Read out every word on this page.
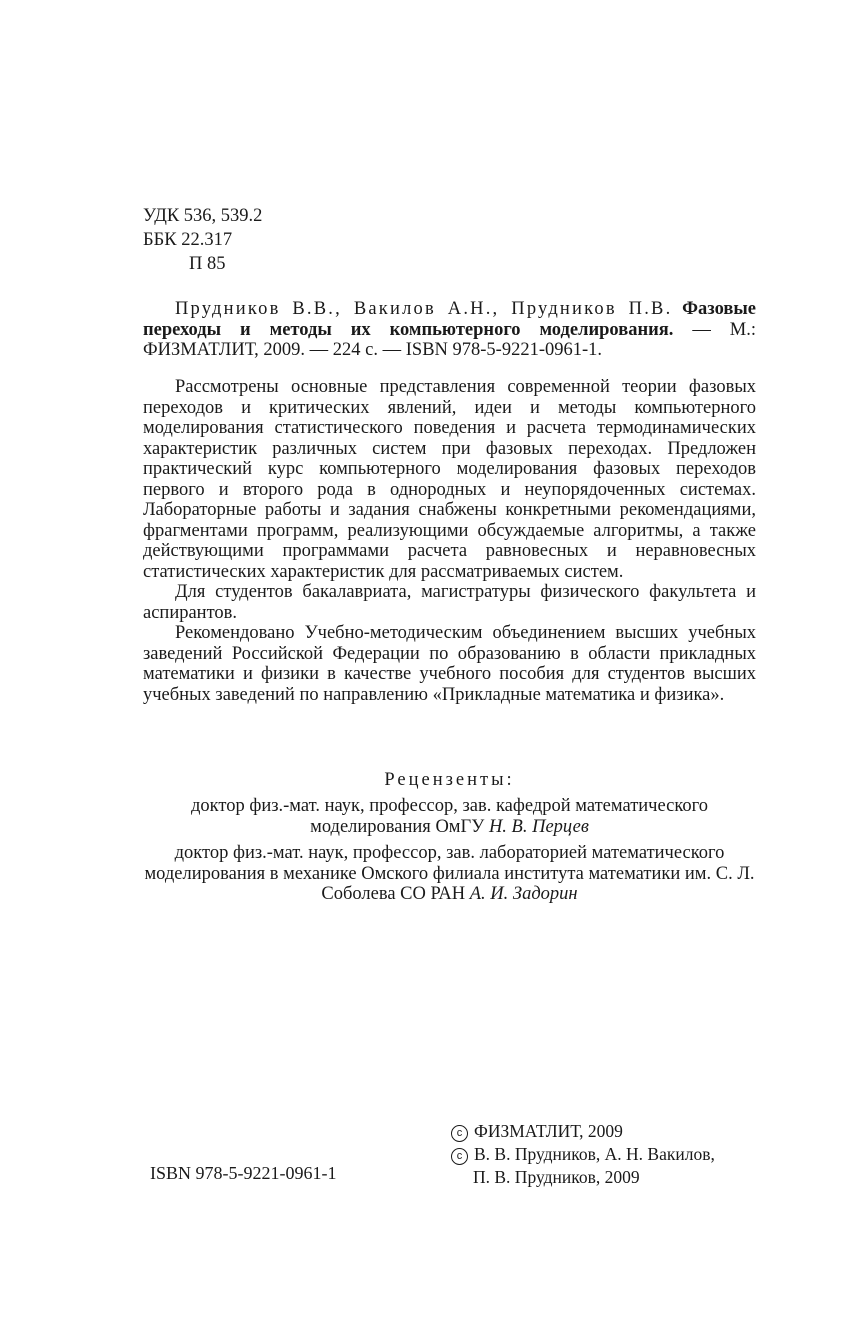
УДК 536, 539.2
ББК 22.317
П 85

Прудников В.В., Вакилов А.Н., Прудников П.В. Фазовые переходы и методы их компьютерного моделирования. — М.: ФИЗМАТЛИТ, 2009. — 224 с. — ISBN 978-5-9221-0961-1.

Рассмотрены основные представления современной теории фазовых переходов и критических явлений, идеи и методы компьютерного моделирования статистического поведения и расчета термодинамических характеристик различных систем при фазовых переходах. Предложен практический курс компьютерного моделирования фазовых переходов первого и второго рода в однородных и неупорядоченных системах. Лабораторные работы и задания снабжены конкретными рекомендациями, фрагментами программ, реализующими обсуждаемые алгоритмы, а также действующими программами расчета равновесных и неравновесных статистических характеристик для рассматриваемых систем.

Для студентов бакалавриата, магистратуры физического факультета и аспирантов.

Рекомендовано Учебно-методическим объединением высших учебных заведений Российской Федерации по образованию в области прикладных математики и физики в качестве учебного пособия для студентов высших учебных заведений по направлению «Прикладные математика и физика».

Рецензенты:
доктор физ.-мат. наук, профессор, зав. кафедрой математического моделирования ОмГУ Н. В. Перцев
доктор физ.-мат. наук, профессор, зав. лабораторией математического моделирования в механике Омского филиала института математики им. С. Л. Соболева СО РАН А. И. Задорин
c ФИЗМАТЛИТ, 2009
c В. В. Прудников, А. Н. Вакилов,
П. В. Прудников, 2009
ISBN 978-5-9221-0961-1
